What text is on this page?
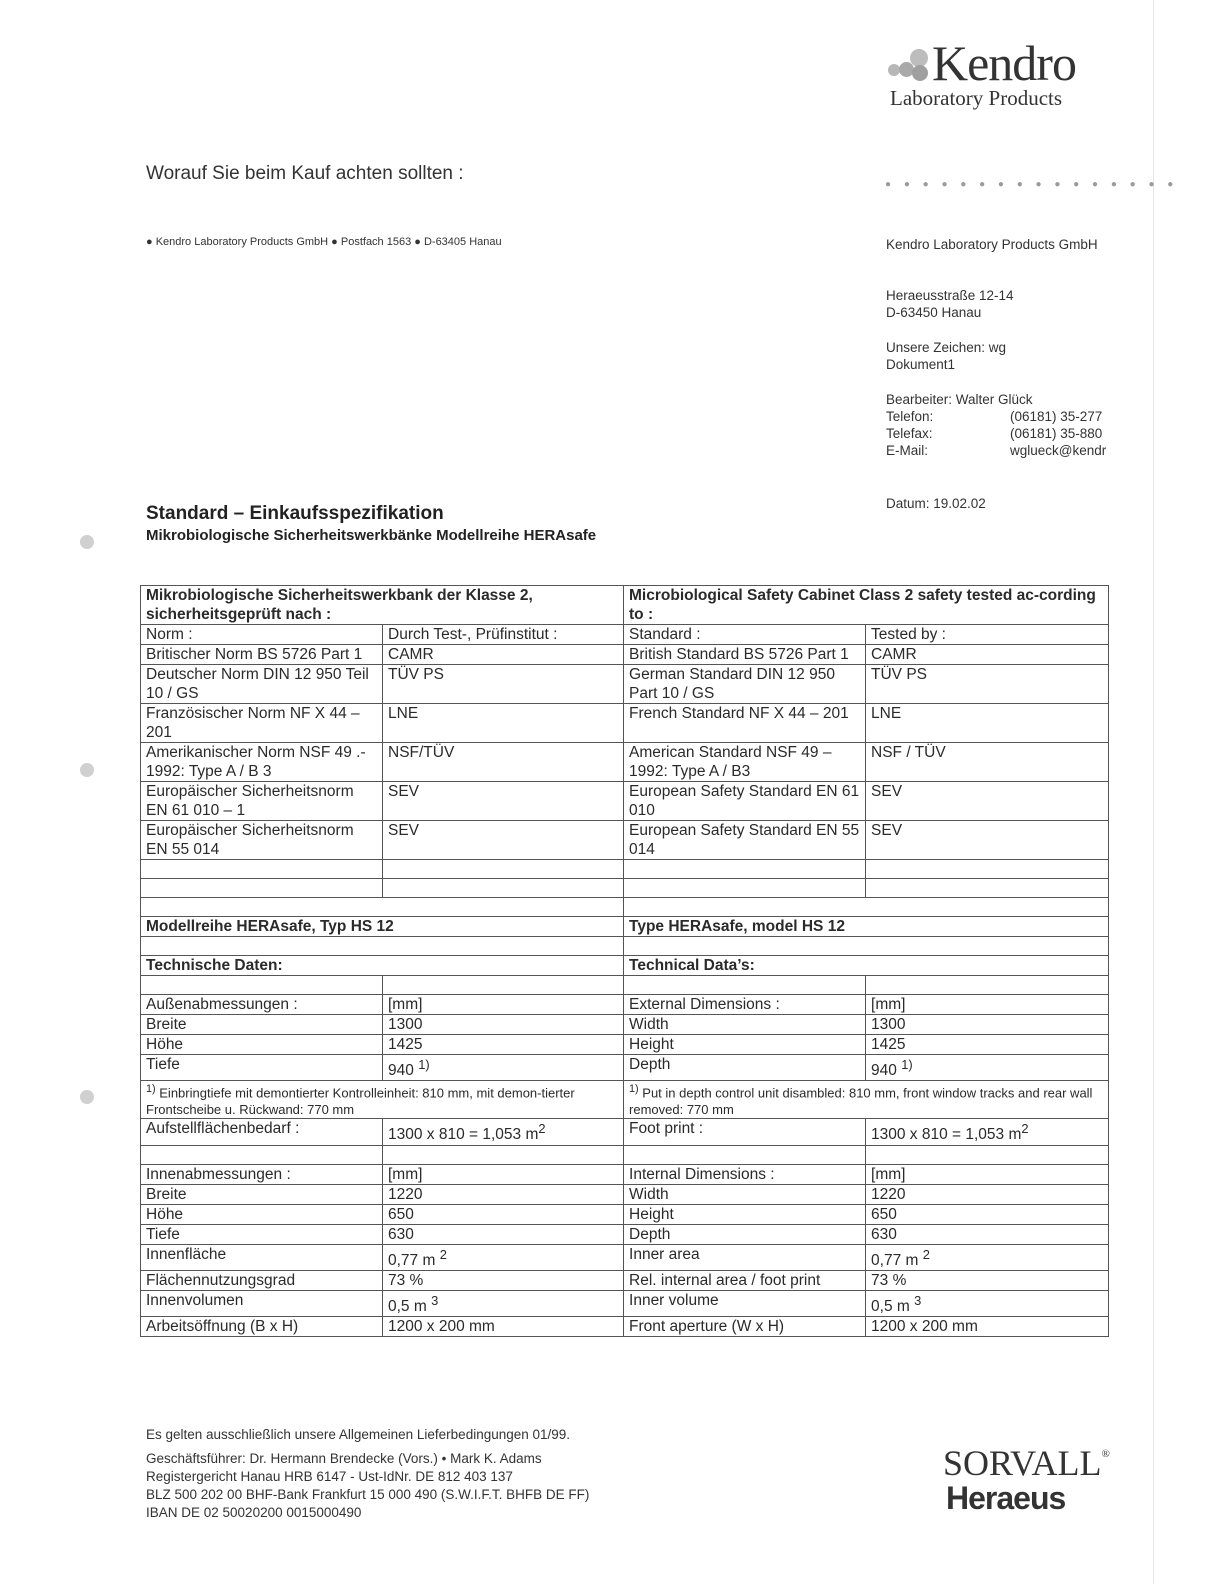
Kendro
Laboratory Products
Worauf Sie beim Kauf achten sollten :
● ● ● ● ● ● ● ● ● ● ● ● ● ● ● ●
● Kendro Laboratory Products GmbH ● Postfach 1563 ● D-63405 Hanau	Kendro Laboratory Products GmbH
Heraeusstraße 12-14
D-63450 Hanau
Unsere Zeichen: wg
Dokument1
Bearbeiter: Walter Glück
Telefon:	(06181) 35-277
Telefax:	(06181) 35-880
E-Mail:	wglueck@kendr
Datum: 19.02.02
Standard – Einkaufsspezifikation
Mikrobiologische Sicherheitswerkbänke Modellreihe HERAsafe
Mikrobiologische Sicherheitswerkbank der Klasse 2, sicherheitsgeprüft nach :		Microbiological Safety Cabinet Class 2 safety tested ac-cording to :	
Norm :	Durch Test-, Prüfinstitut :	Standard :	Tested by :
Britischer Norm BS 5726 Part 1	CAMR	British Standard BS 5726 Part 1	CAMR
Deutscher Norm DIN 12 950 Teil 10 / GS	TÜV PS	German Standard DIN 12 950 Part 10 / GS	TÜV PS
Französischer Norm NF X 44 – 201	LNE	French Standard NF X 44 – 201	LNE
Amerikanischer Norm NSF 49 .- 1992: Type A / B 3	NSF/TÜV	American Standard NSF 49 – 1992: Type A / B3	NSF / TÜV
Europäischer Sicherheitsnorm EN 61 010 – 1	SEV	European Safety Standard EN 61 010	SEV
Europäischer Sicherheitsnorm EN 55 014	SEV	European Safety Standard EN 55 014	SEV

Modellreihe HERAsafe, Typ HS 12		Type HERAsafe, model HS 12	

Technische Daten:		Technical Data’s:	

Außenabmessungen :	[mm]	External Dimensions :	[mm]
Breite	1300	Width	1300
Höhe	1425	Height	1425
Tiefe	940 $^{1)}$	Depth	940 $^{1)}$
$^{1)}$ Einbringtiefe mit demontierter Kontrolleinheit: 810 mm, mit demon-tierter Frontscheibe u. Rückwand: 770 mm		$^{1)}$ Put in depth control unit disambled: 810 mm, front window tracks and rear wall removed: 770 mm	
Aufstellflächenbedarf :	1300 x 810 = 1,053 $m^2$	Foot print :	1300 x 810 = 1,053 $m^2$

Innenabmessungen :	[mm]	Internal Dimensions :	[mm]
Breite	1220	Width	1220
Höhe	650	Height	650
Tiefe	630	Depth	630
Innenfläche	0,77 m $^2$	Inner area	0,77 m $^2$
Flächennutzungsgrad	73 %	Rel. internal area / foot print	73 %
Innenvolumen	0,5 m $^3$	Inner volume	0,5 m $^3$
Arbeitsöffnung (B x H)	1200 x 200 mm	Front aperture (W x H)	1200 x 200 mm
Es gelten ausschließlich unsere Allgemeinen Lieferbedingungen 01/99.
Geschäftsführer: Dr. Hermann Brendecke (Vors.) • Mark K. Adams
Registergericht Hanau HRB 6147 - Ust-IdNr. DE 812 403 137
BLZ 500 202 00 BHF-Bank Frankfurt 15 000 490 (S.W.I.F.T. BHFB DE FF)
IBAN DE 02 50020200 0015000490
SORVALL®
Heraeus
